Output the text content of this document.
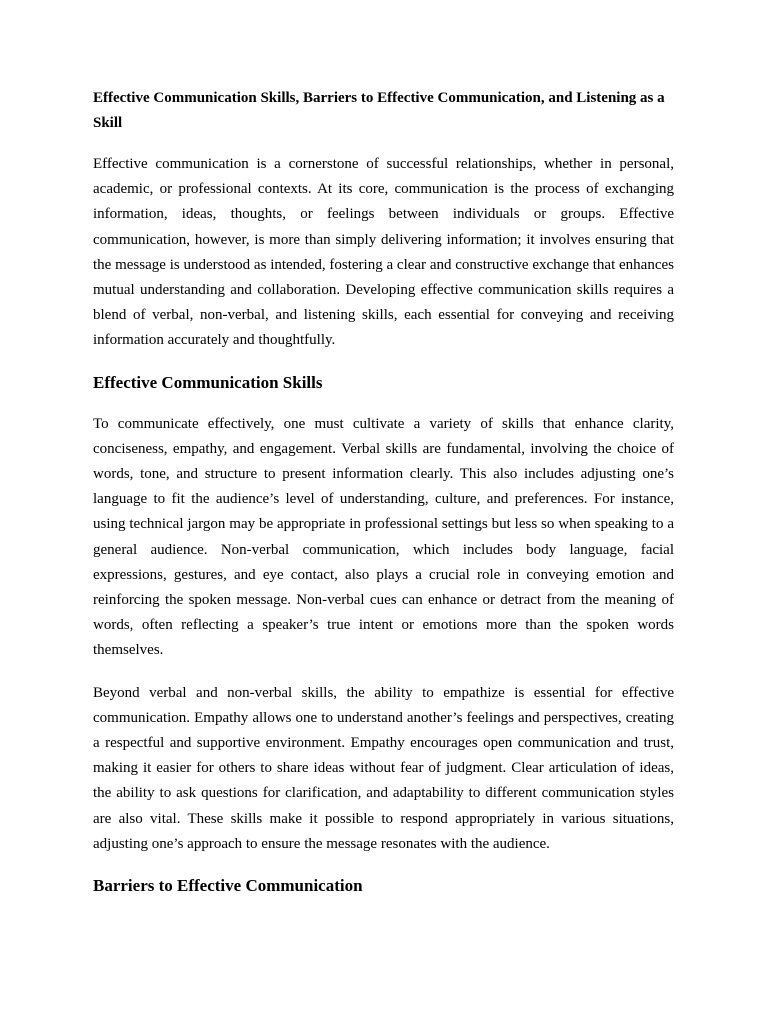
Effective Communication Skills, Barriers to Effective Communication, and Listening as a Skill

Effective communication is a cornerstone of successful relationships, whether in personal, academic, or professional contexts. At its core, communication is the process of exchanging information, ideas, thoughts, or feelings between individuals or groups. Effective communication, however, is more than simply delivering information; it involves ensuring that the message is understood as intended, fostering a clear and constructive exchange that enhances mutual understanding and collaboration. Developing effective communication skills requires a blend of verbal, non-verbal, and listening skills, each essential for conveying and receiving information accurately and thoughtfully.

Effective Communication Skills

To communicate effectively, one must cultivate a variety of skills that enhance clarity, conciseness, empathy, and engagement. Verbal skills are fundamental, involving the choice of words, tone, and structure to present information clearly. This also includes adjusting one’s language to fit the audience’s level of understanding, culture, and preferences. For instance, using technical jargon may be appropriate in professional settings but less so when speaking to a general audience. Non-verbal communication, which includes body language, facial expressions, gestures, and eye contact, also plays a crucial role in conveying emotion and reinforcing the spoken message. Non-verbal cues can enhance or detract from the meaning of words, often reflecting a speaker’s true intent or emotions more than the spoken words themselves.

Beyond verbal and non-verbal skills, the ability to empathize is essential for effective communication. Empathy allows one to understand another’s feelings and perspectives, creating a respectful and supportive environment. Empathy encourages open communication and trust, making it easier for others to share ideas without fear of judgment. Clear articulation of ideas, the ability to ask questions for clarification, and adaptability to different communication styles are also vital. These skills make it possible to respond appropriately in various situations, adjusting one’s approach to ensure the message resonates with the audience.

Barriers to Effective Communication
